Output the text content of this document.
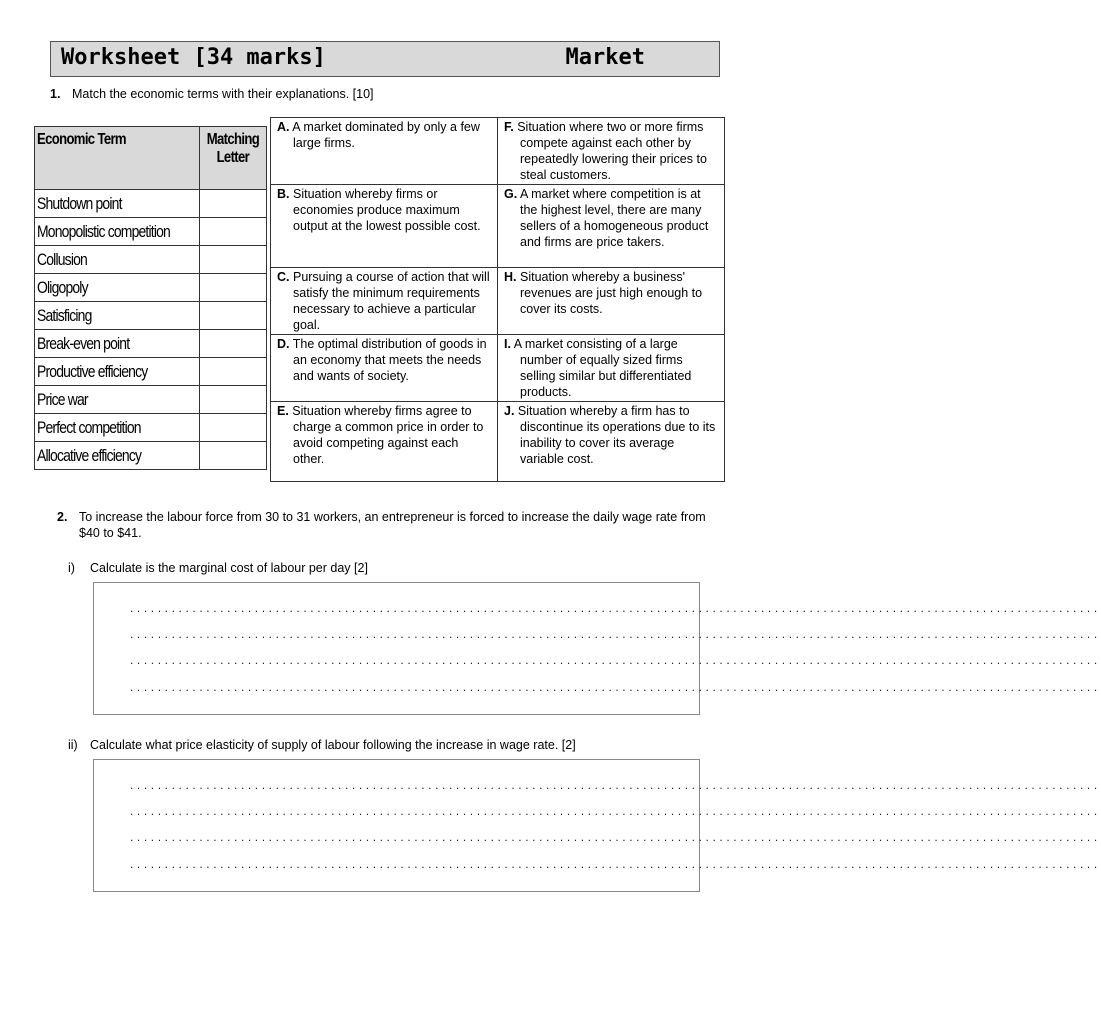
Worksheet [34 marks]	Market
1. Match the economic terms with their explanations. [10]
Economic Term	Matching
Letter
Shutdown point	
Monopolistic competition	
Collusion	
Oligopoly	
Satisficing	
Break-even point	
Productive efficiency	
Price war	
Perfect competition	
Allocative efficiency	
A. A market dominated by only a few large firms.	F. Situation where two or more firms compete against each other by repeatedly lowering their prices to steal customers.

B. Situation whereby firms or economies produce maximum output at the lowest possible cost.	G. A market where competition is at the highest level, there are many sellers of a homogeneous product and firms are price takers.

C. Pursuing a course of action that will satisfy the minimum requirements necessary to achieve a particular goal.	H. Situation whereby a business' revenues are just high enough to cover its costs.

D. The optimal distribution of goods in an economy that meets the needs and wants of society.	I. A market consisting of a large number of equally sized firms selling similar but differentiated products.

E. Situation whereby firms agree to charge a common price in order to avoid competing against each other.	J. Situation whereby a firm has to discontinue its operations due to its inability to cover its average variable cost.
2. To increase the labour force from 30 to 31 workers, an entrepreneur is forced to increase the daily wage rate from $40 to $41.
i) Calculate is the marginal cost of labour per day [2]
............................................................................................................................................
............................................................................................................................................
............................................................................................................................................
............................................................................................................................................
ii) Calculate what price elasticity of supply of labour following the increase in wage rate. [2]
............................................................................................................................................
............................................................................................................................................
............................................................................................................................................
............................................................................................................................................
